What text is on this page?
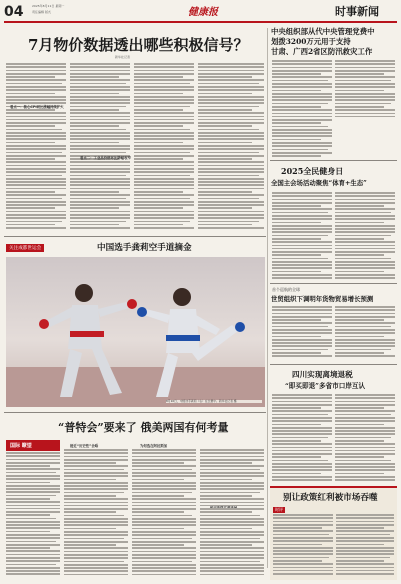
04	2025年8月11日 星期一
责任编辑 版式	健康报	时事新闻
7月物价数据透出哪些积极信号？
新华社记者
看点一：核心CPI同比涨幅持续扩大
看点二：工业品价格环比降幅收窄
中央组织部从代中央管理党费中
划拨3200万元用于支持
甘肃、广西2省区防汛救灾工作
2025全民健身日
全国主会场活动聚焦“体育+生态”
关注成都世运会	中国选手龚莉空手道摘金
8月10日，中国选手龚莉（右）在比赛中。新华社记者 摄
首个巡航的全球
世贸组织下调明年货物贸易增长预测
四川实现离境退税
“即买即退”多省市口岸互认
“普特会”要来了 俄美两国有何考量
国际 瞭望	接近“历史性”会晤	为何选在阿拉斯加
别让政策红利被市场吞噬
时评
